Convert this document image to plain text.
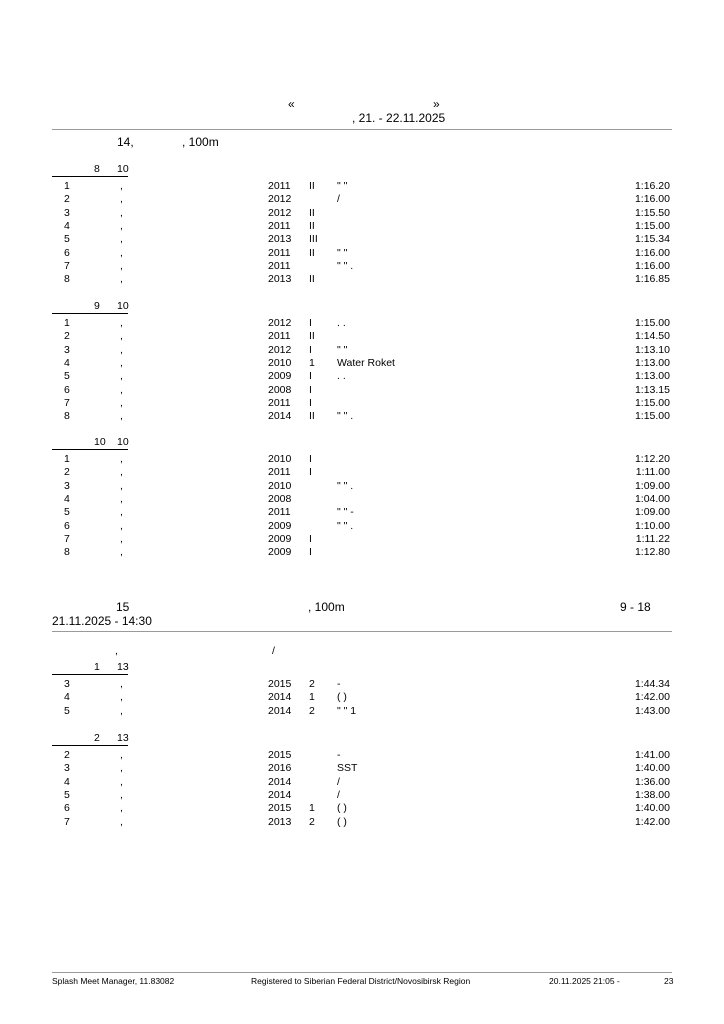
«	»
, 21. - 22.11.2025
14,	, 100m
8 10
1	,	2011 II " "	1:16.20
2	,	2012	/	1:16.00
3	,	2012 II	1:15.50
4	,	2011 II	1:15.00
5	,	2013 III	1:15.34
6	,	2011 II " "	1:16.00
7	,	2011	" " .	1:16.00
8	,	2013 II	1:16.85
9 10
1	,	2012 I . .	1:15.00
2	,	2011 II	1:14.50
3	,	2012 I " "	1:13.10
4	,	2010 1 Water Roket	1:13.00
5	,	2009 I . .	1:13.00
6	,	2008 I	1:13.15
7	,	2011 I	1:15.00
8	,	2014 II " " .	1:15.00
10 10
1	,	2010 I	1:12.20
2	,	2011 I	1:11.00
3	,	2010	" " .	1:09.00
4	,	2008	1:04.00
5	,	2011	" " -	1:09.00
6	,	2009	" " .	1:10.00
7	,	2009 I	1:11.22
8	,	2009 I	1:12.80
15	, 100m	9 - 18
21.11.2025 - 14:30
,	/
1 13
3	,	2015 2 -	1:44.34
4	,	2014 1 ( )	1:42.00
5	,	2014 2 " " 1	1:43.00
2 13
2	,	2015	-	1:41.00
3	,	2016	SST	1:40.00
4	,	2014	/	1:36.00
5	,	2014	/	1:38.00
6	,	2015 1 ( )	1:40.00
7	,	2013 2 ( )	1:42.00
Splash Meet Manager, 11.83082	Registered to Siberian Federal District/Novosibirsk Region	20.11.2025 21:05 -	23
